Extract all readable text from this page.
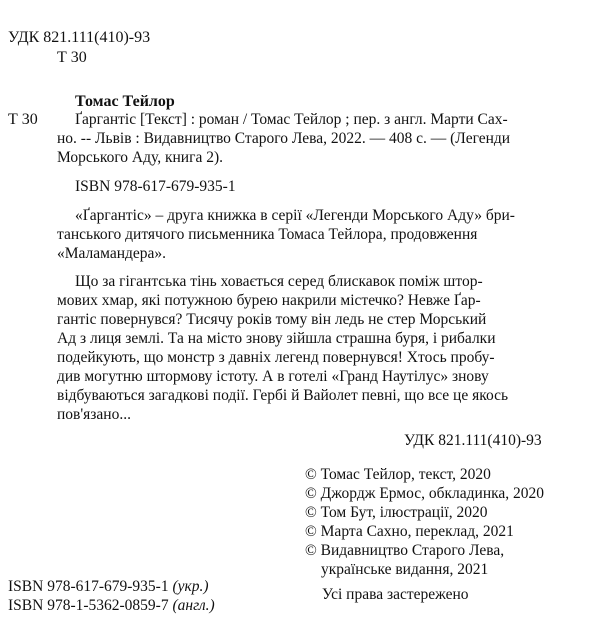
УДК 821.111(410)-93
Т 30
Т 30
Томас Тейлор
Ґаргантіс [Текст] : роман / Томас Тейлор ; пер. з англ. Марти Сах-
но. -- Львів : Видавництво Старого Лева, 2022. — 408 с. — (Легенди
Морського Аду, книга 2).
ISBN 978-617-679-935-1
«Ґаргантіс» – друга книжка в серії «Легенди Морського Аду» бри-
танського дитячого письменника Томаса Тейлора, продовження
«Маламандера».
Що за гігантська тінь ховається серед блискавок поміж штор-
мових хмар, які потужною бурею накрили містечко? Невже Ґар-
гантіс повернувся? Тисячу років тому він ледь не стер Морський
Ад з лиця землі. Та на місто знову зійшла страшна буря, і рибалки
подейкують, що монстр з давніх легенд повернувся! Хтось пробу-
див могутню штормову істоту. А в готелі «Гранд Наутілус» знову
відбуваються загадкові події. Гербі й Вайолет певні, що все це якось
пов'язано...
УДК 821.111(410)-93
© Томас Тейлор, текст, 2020
© Джордж Ермос, обкладинка, 2020
© Том Бут, ілюстрації, 2020
© Марта Сахно, переклад, 2021
© Видавництво Старого Лева,
українське видання, 2021
ISBN 978-617-679-935-1 (укр.)
ISBN 978-1-5362-0859-7 (англ.)
Усі права застережено
